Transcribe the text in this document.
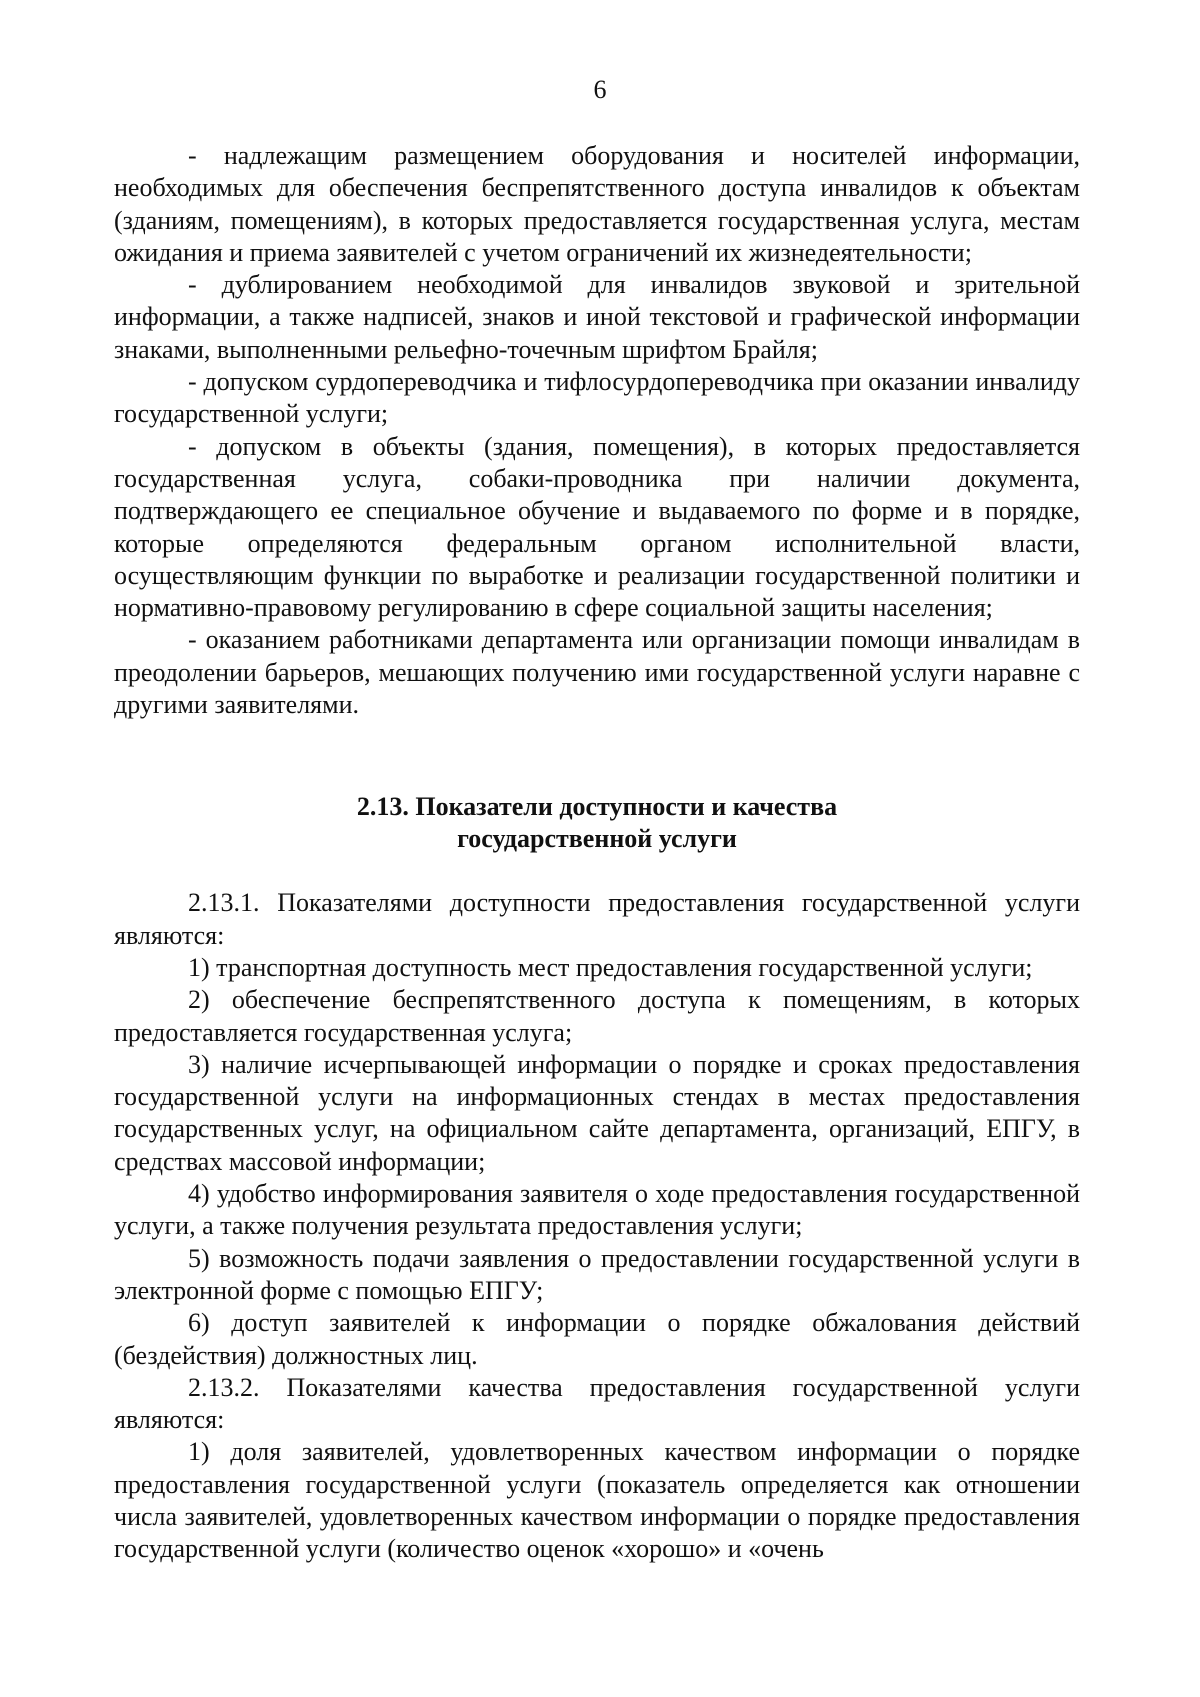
6

- надлежащим размещением оборудования и носителей информации, необходимых для обеспечения беспрепятственного доступа инвалидов к объектам (зданиям, помещениям), в которых предоставляется государственная услуга, местам ожидания и приема заявителей с учетом ограничений их жизнедеятельности;

- дублированием необходимой для инвалидов звуковой и зрительной информации, а также надписей, знаков и иной текстовой и графической информации знаками, выполненными рельефно-точечным шрифтом Брайля;

- допуском сурдопереводчика и тифлосурдопереводчика при оказании инвалиду государственной услуги;

- допуском в объекты (здания, помещения), в которых предоставляется государственная услуга, собаки-проводника при наличии документа, подтверждающего ее специальное обучение и выдаваемого по форме и в порядке, которые определяются федеральным органом исполнительной власти, осуществляющим функции по выработке и реализации государственной политики и нормативно-правовому регулированию в сфере социальной защиты населения;

- оказанием работниками департамента или организации помощи инвалидам в преодолении барьеров, мешающих получению ими государственной услуги наравне с другими заявителями.

2.13. Показатели доступности и качества
государственной услуги

2.13.1. Показателями доступности предоставления государственной услуги являются:

1) транспортная доступность мест предоставления государственной услуги;

2) обеспечение беспрепятственного доступа к помещениям, в которых предоставляется государственная услуга;

3) наличие исчерпывающей информации о порядке и сроках предоставления государственной услуги на информационных стендах в местах предоставления государственных услуг, на официальном сайте департамента, организаций, ЕПГУ, в средствах массовой информации;

4) удобство информирования заявителя о ходе предоставления государственной услуги, а также получения результата предоставления услуги;

5) возможность подачи заявления о предоставлении государственной услуги в электронной форме с помощью ЕПГУ;

6) доступ заявителей к информации о порядке обжалования действий (бездействия) должностных лиц.

2.13.2. Показателями качества предоставления государственной услуги являются:

1) доля заявителей, удовлетворенных качеством информации о порядке предоставления государственной услуги (показатель определяется как отношении числа заявителей, удовлетворенных качеством информации о порядке предоставления государственной услуги (количество оценок «хорошо» и «очень
